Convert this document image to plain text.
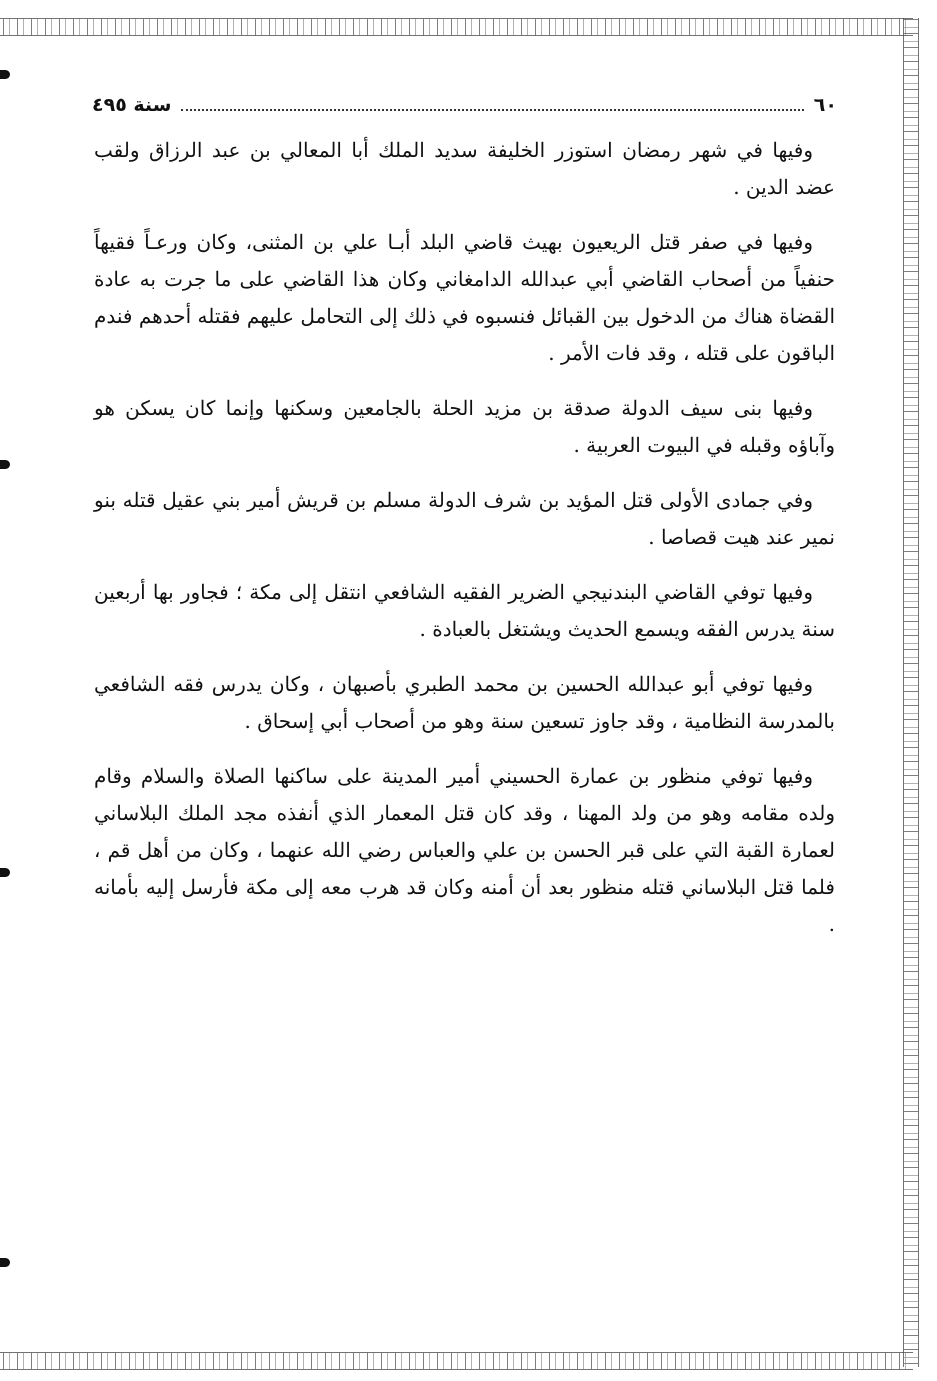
٦٠
سنة ٤٩٥

وفيها في شهر رمضان استوزر الخليفة سديد الملك أبا المعالي بن عبد الرزاق ولقب عضد الدين .

وفيها في صفر قتل الريعيون بهيث قاضي البلد أبـا علي بن المثنى، وكان ورعـاً فقيهاً حنفياً من أصحاب القاضي أبي عبدالله الدامغاني وكان هذا القاضي على ما جرت به عادة القضاة هناك من الدخول بين القبائل فنسبوه في ذلك إلى التحامل عليهم فقتله أحدهم فندم الباقون على قتله ، وقد فات الأمر .

وفيها بنى سيف الدولة صدقة بن مزيد الحلة بالجامعين وسكنها وإنما كان يسكن هو وآباؤه وقبله في البيوت العربية .

وفي جمادى الأولى قتل المؤيد بن شرف الدولة مسلم بن قريش أمير بني عقيل قتله بنو نمير عند هيت قصاصا .

وفيها توفي القاضي البندنيجي الضرير الفقيه الشافعي انتقل إلى مكة ؛ فجاور بها أربعين سنة يدرس الفقه ويسمع الحديث ويشتغل بالعبادة .

وفيها توفي أبو عبدالله الحسين بن محمد الطبري بأصبهان ، وكان يدرس فقه الشافعي بالمدرسة النظامية ، وقد جاوز تسعين سنة وهو من أصحاب أبي إسحاق .

وفيها توفي منظور بن عمارة الحسيني أمير المدينة على ساكنها الصلاة والسلام وقام ولده مقامه وهو من ولد المهنا ، وقد كان قتل المعمار الذي أنفذه مجد الملك البلاساني لعمارة القبة التي على قبر الحسن بن علي والعباس رضي الله عنهما ، وكان من أهل قم ، فلما قتل البلاساني قتله منظور بعد أن أمنه وكان قد هرب معه إلى مكة فأرسل إليه بأمانه .
